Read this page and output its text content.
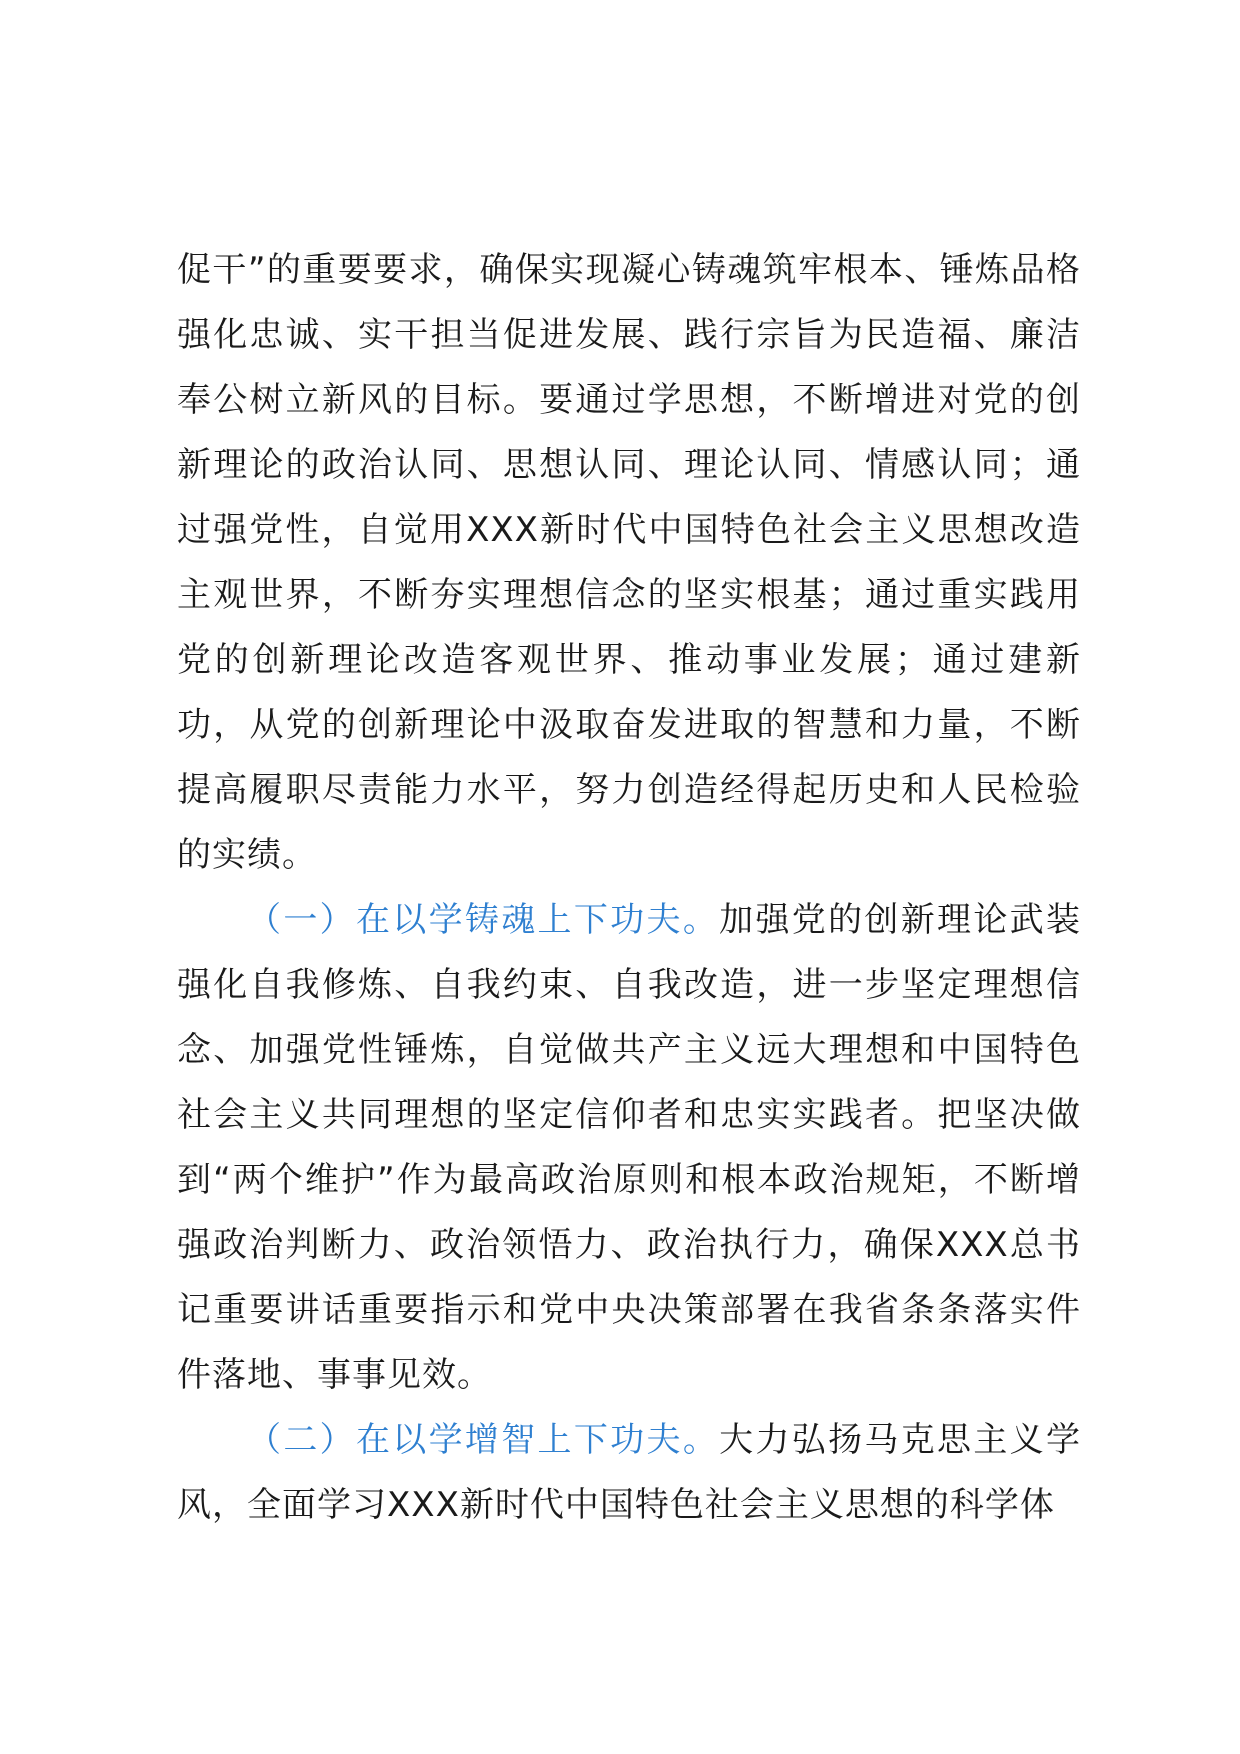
促干”的重要要求，确保实现凝心铸魂筑牢根本、锤炼品格强化忠诚、实干担当促进发展、践行宗旨为民造福、廉洁奉公树立新风的目标。要通过学思想，不断增进对党的创新理论的政治认同、思想认同、理论认同、情感认同；通过强党性，自觉用XXX新时代中国特色社会主义思想改造主观世界，不断夯实理想信念的坚实根基；通过重实践用党的创新理论改造客观世界、推动事业发展；通过建新功，从党的创新理论中汲取奋发进取的智慧和力量，不断提高履职尽责能力水平，努力创造经得起历史和人民检验的实绩。

（一）在以学铸魂上下功夫。加强党的创新理论武装强化自我修炼、自我约束、自我改造，进一步坚定理想信念、加强党性锤炼，自觉做共产主义远大理想和中国特色社会主义共同理想的坚定信仰者和忠实实践者。把坚决做到“两个维护”作为最高政治原则和根本政治规矩，不断增强政治判断力、政治领悟力、政治执行力，确保XXX总书记重要讲话重要指示和党中央决策部署在我省条条落实件件落地、事事见效。

（二）在以学增智上下功夫。大力弘扬马克思主义学风，全面学习XXX新时代中国特色社会主义思想的科学体
